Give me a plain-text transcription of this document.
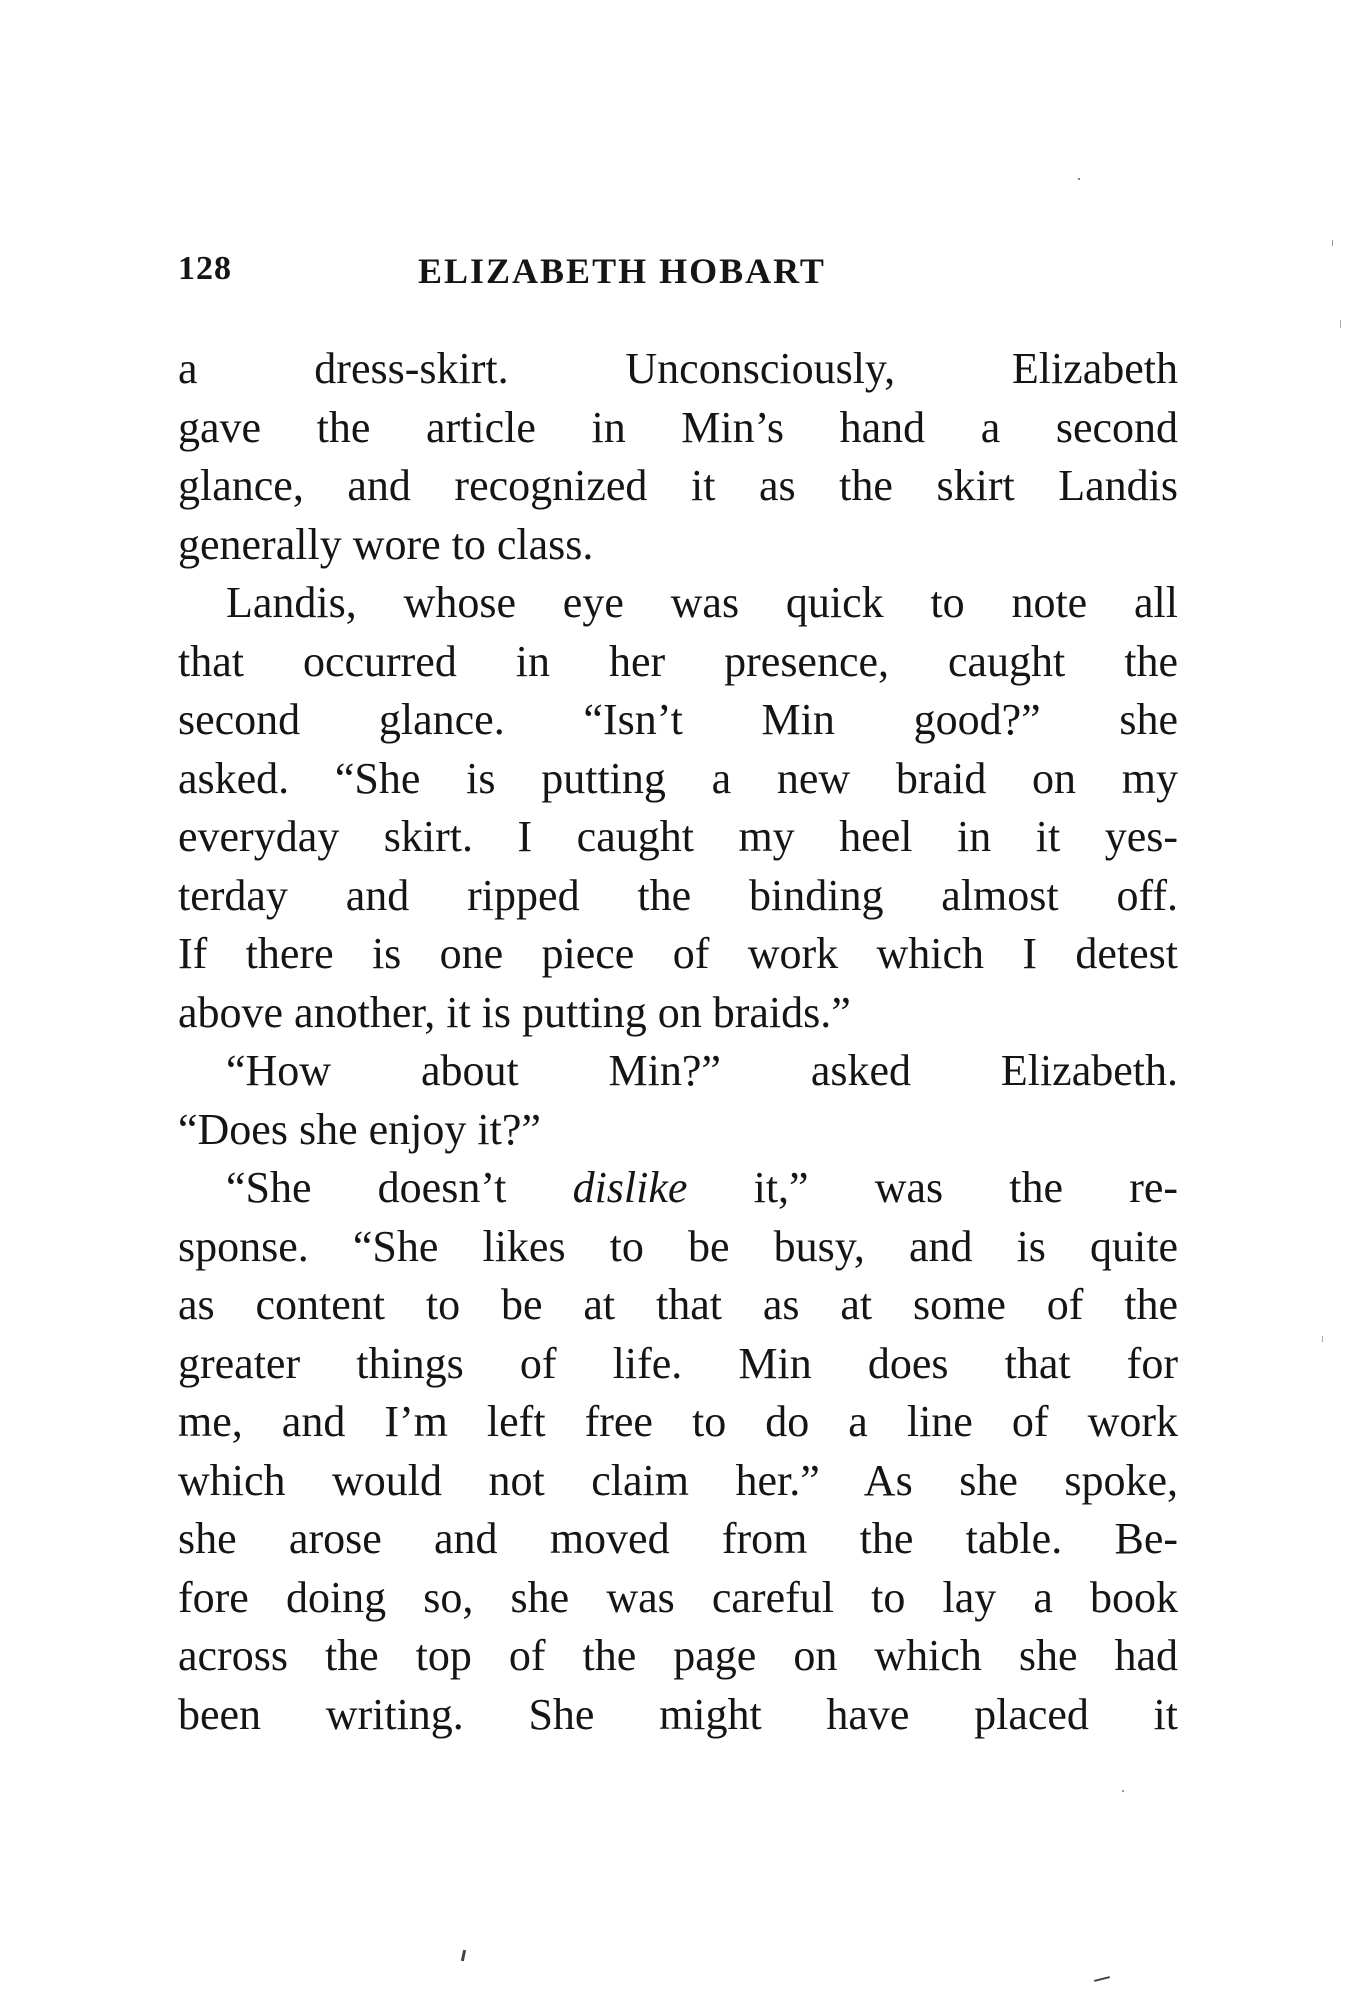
128	ELIZABETH HOBART
a dress-skirt. Unconsciously, Elizabeth
gave the article in Min’s hand a second
glance, and recognized it as the skirt Landis
generally wore to class.
Landis, whose eye was quick to note all
that occurred in her presence, caught the
second glance. “Isn’t Min good?” she
asked. “She is putting a new braid on my
everyday skirt. I caught my heel in it yes-
terday and ripped the binding almost off.
If there is one piece of work which I detest
above another, it is putting on braids.”
“How about Min?” asked Elizabeth.
“Does she enjoy it?”
“She doesn’t dislike it,” was the re-
sponse. “She likes to be busy, and is quite
as content to be at that as at some of the
greater things of life. Min does that for
me, and I’m left free to do a line of work
which would not claim her.” As she spoke,
she arose and moved from the table. Be-
fore doing so, she was careful to lay a book
across the top of the page on which she had
been writing. She might have placed it
